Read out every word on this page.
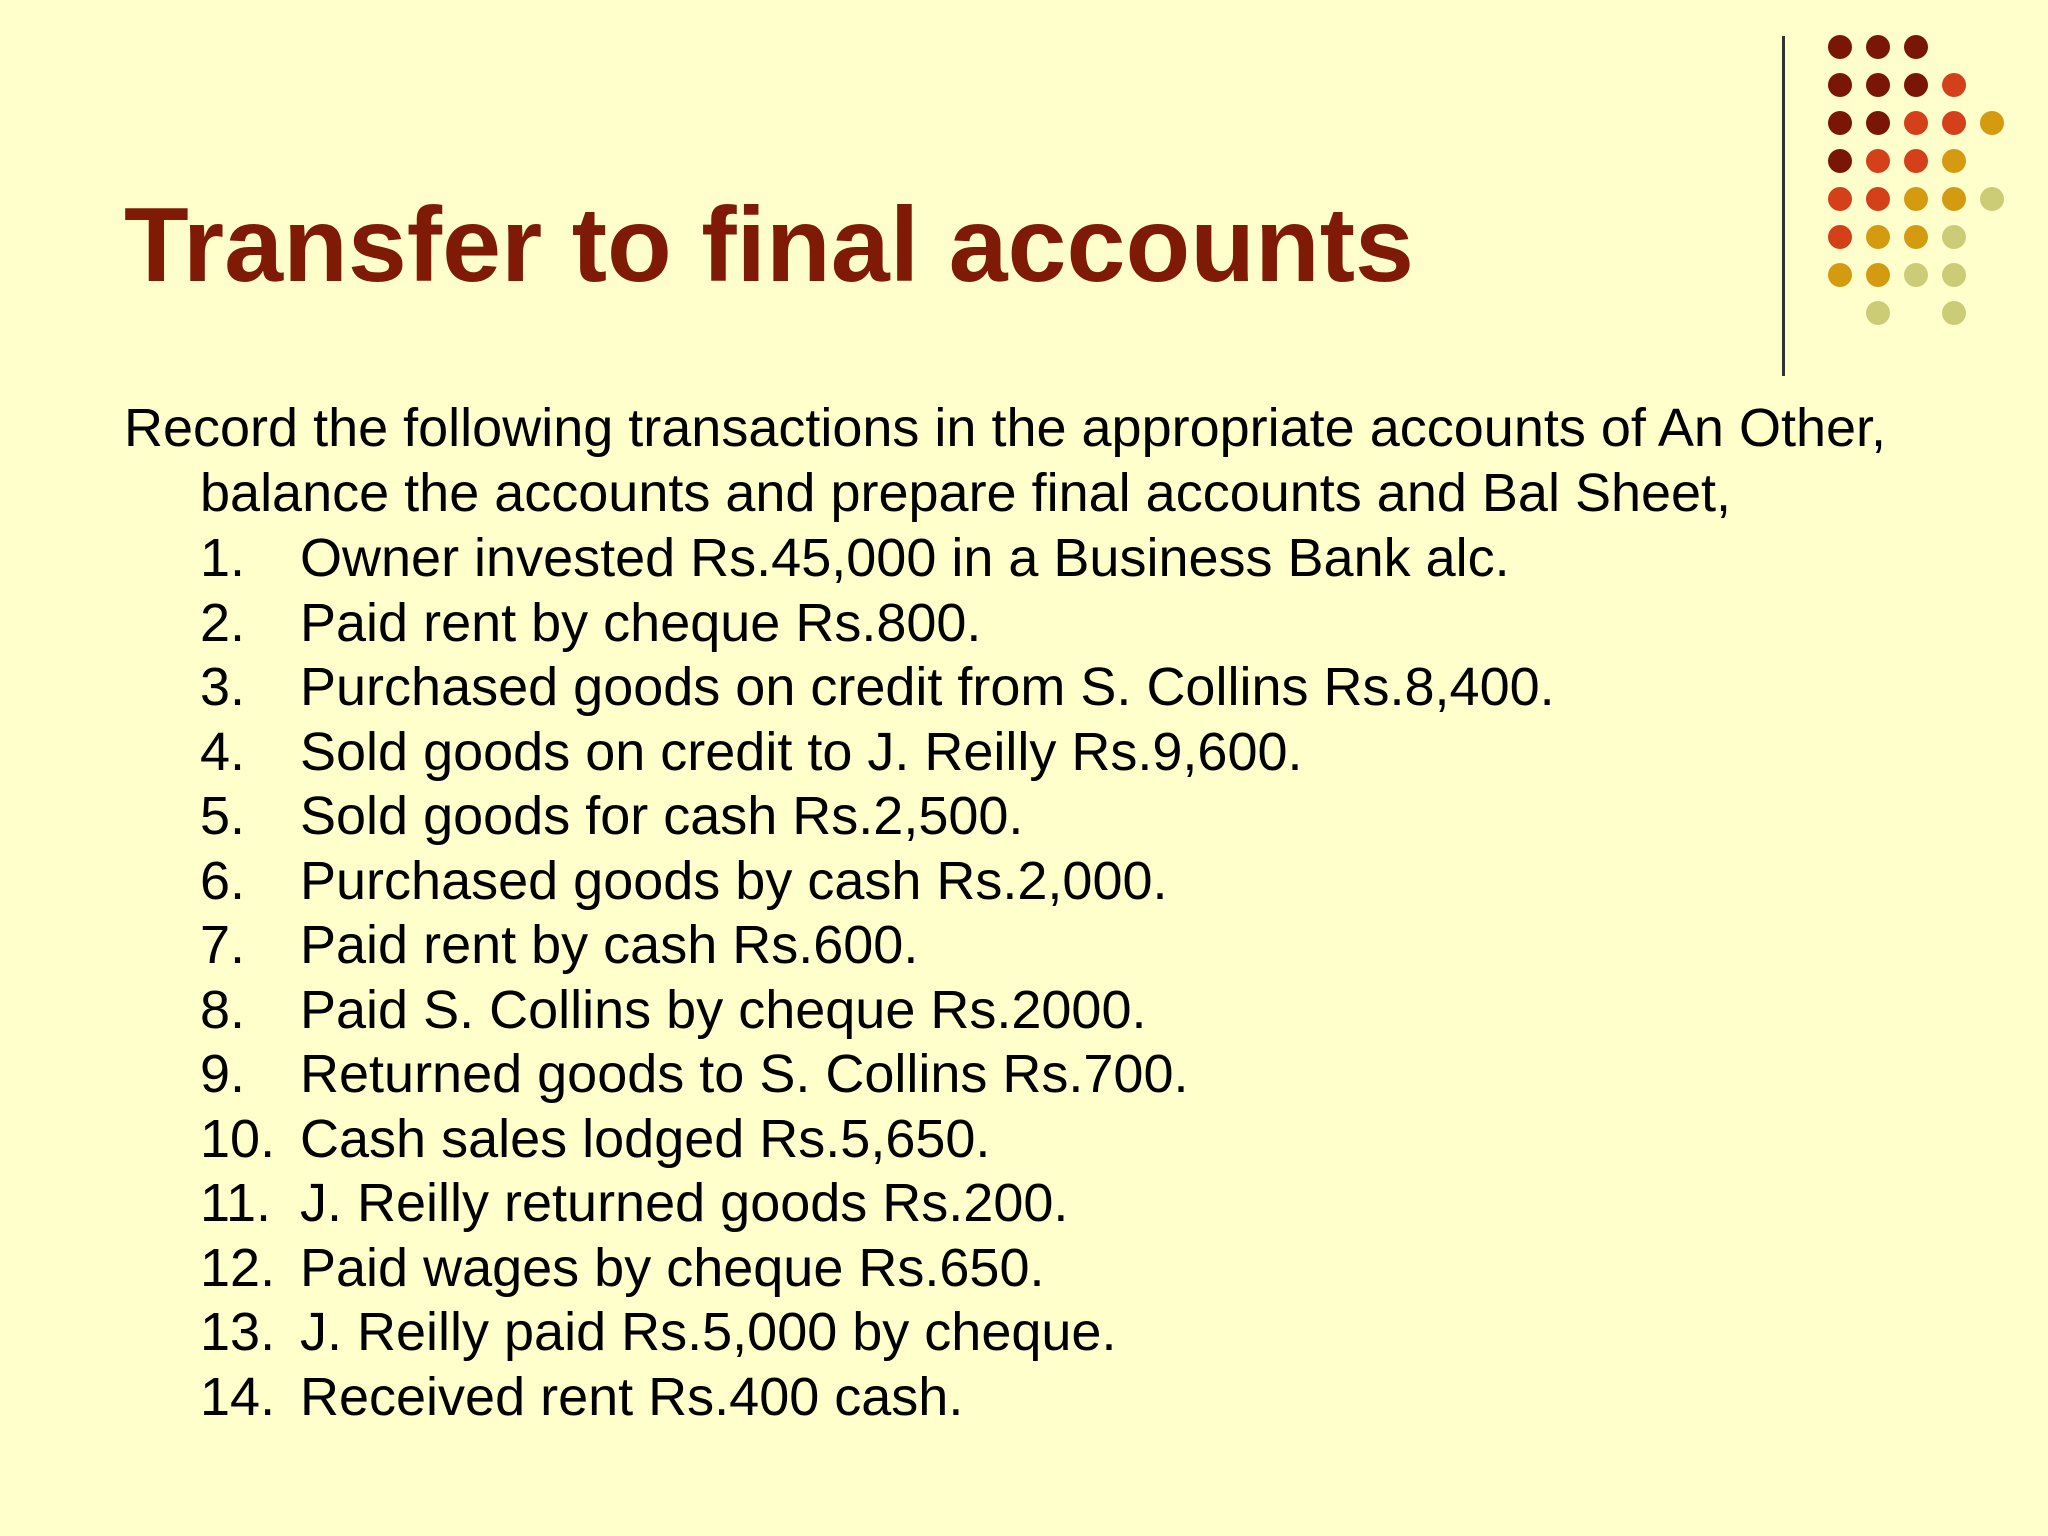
Transfer to final accounts

Record the following transactions in the appropriate accounts of An Other, balance the accounts and prepare final accounts and Bal Sheet,

1.	Owner invested Rs.45,000 in a Business Bank alc.
2.	Paid rent by cheque Rs.800.
3.	Purchased goods on credit from S. Collins Rs.8,400.
4.	Sold goods on credit to J. Reilly Rs.9,600.
5.	Sold goods for cash Rs.2,500.
6.	Purchased goods by cash Rs.2,000.
7.	Paid rent by cash Rs.600.
8.	Paid S. Collins by cheque Rs.2000.
9.	Returned goods to S. Collins Rs.700.
10. Cash sales lodged Rs.5,650.
11. J. Reilly returned goods Rs.200.
12. Paid wages by cheque Rs.650.
13. J. Reilly paid Rs.5,000 by cheque.
14. Received rent Rs.400 cash.
